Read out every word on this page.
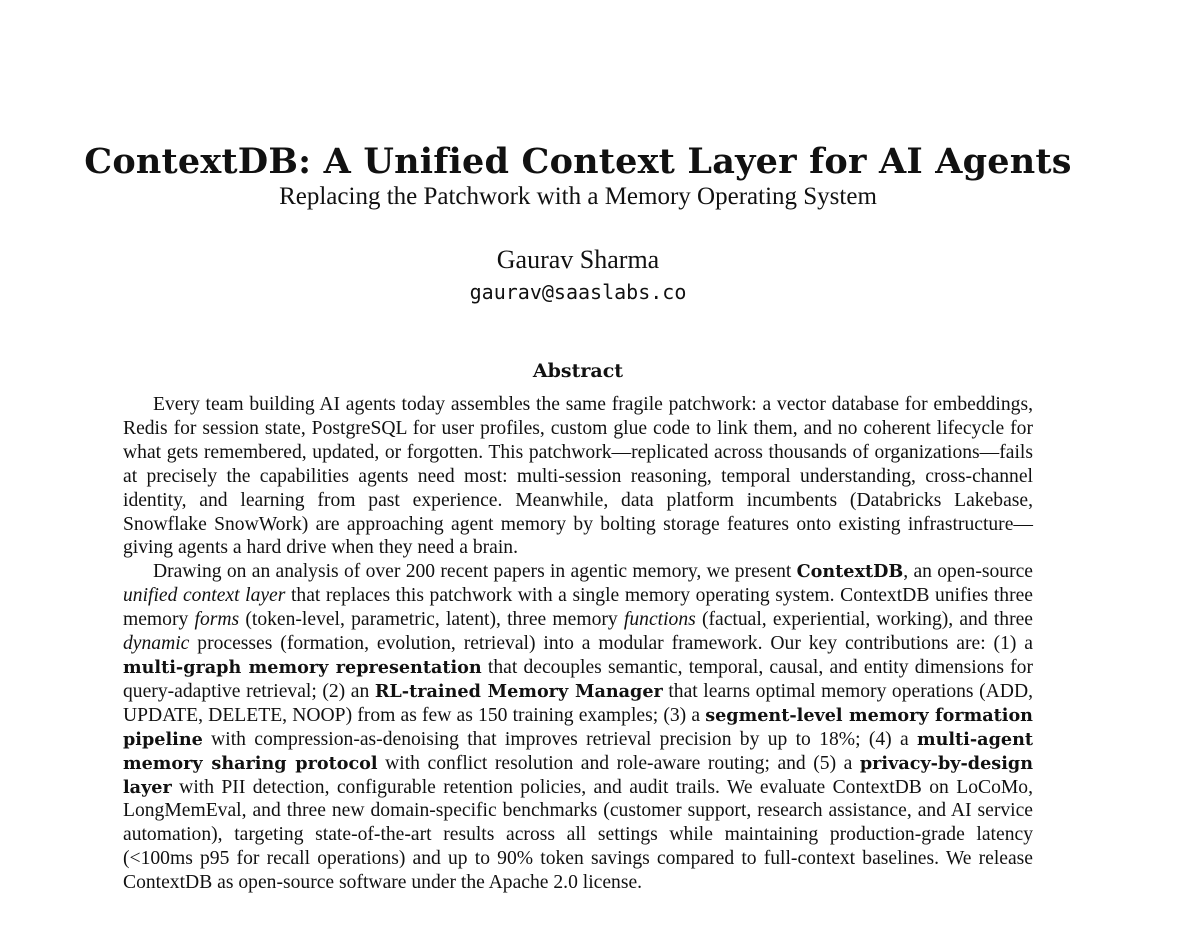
ContextDB: A Unified Context Layer for AI Agents
Replacing the Patchwork with a Memory Operating System
Gaurav Sharma
gaurav@saaslabs.co
Abstract

Every team building AI agents today assembles the same fragile patchwork: a vector database for embeddings, Redis for session state, PostgreSQL for user profiles, custom glue code to link them, and no coherent lifecycle for what gets remembered, updated, or forgotten. This patchwork—replicated across thousands of organizations—fails at precisely the capabilities agents need most: multi-session reasoning, temporal understanding, cross-channel identity, and learning from past experience. Meanwhile, data platform incumbents (Databricks Lakebase, Snowflake SnowWork) are approaching agent memory by bolting storage features onto existing infrastructure—giving agents a hard drive when they need a brain.

Drawing on an analysis of over 200 recent papers in agentic memory, we present ContextDB, an open-source unified context layer that replaces this patchwork with a single memory operating system. ContextDB unifies three memory forms (token-level, parametric, latent), three memory functions (factual, experiential, working), and three dynamic processes (formation, evolution, retrieval) into a modular framework. Our key contributions are: (1) a multi-graph memory representation that decouples semantic, temporal, causal, and entity dimensions for query-adaptive retrieval; (2) an RL-trained Memory Manager that learns optimal memory operations (ADD, UPDATE, DELETE, NOOP) from as few as 150 training examples; (3) a segment-level memory formation pipeline with compression-as-denoising that improves retrieval precision by up to 18%; (4) a multi-agent memory sharing protocol with conflict resolution and role-aware routing; and (5) a privacy-by-design layer with PII detection, configurable retention policies, and audit trails. We evaluate ContextDB on LoCoMo, LongMemEval, and three new domain-specific benchmarks (customer support, research assistance, and AI service automation), targeting state-of-the-art results across all settings while maintaining production-grade latency (<100ms p95 for recall operations) and up to 90% token savings compared to full-context baselines. We release ContextDB as open-source software under the Apache 2.0 license.
